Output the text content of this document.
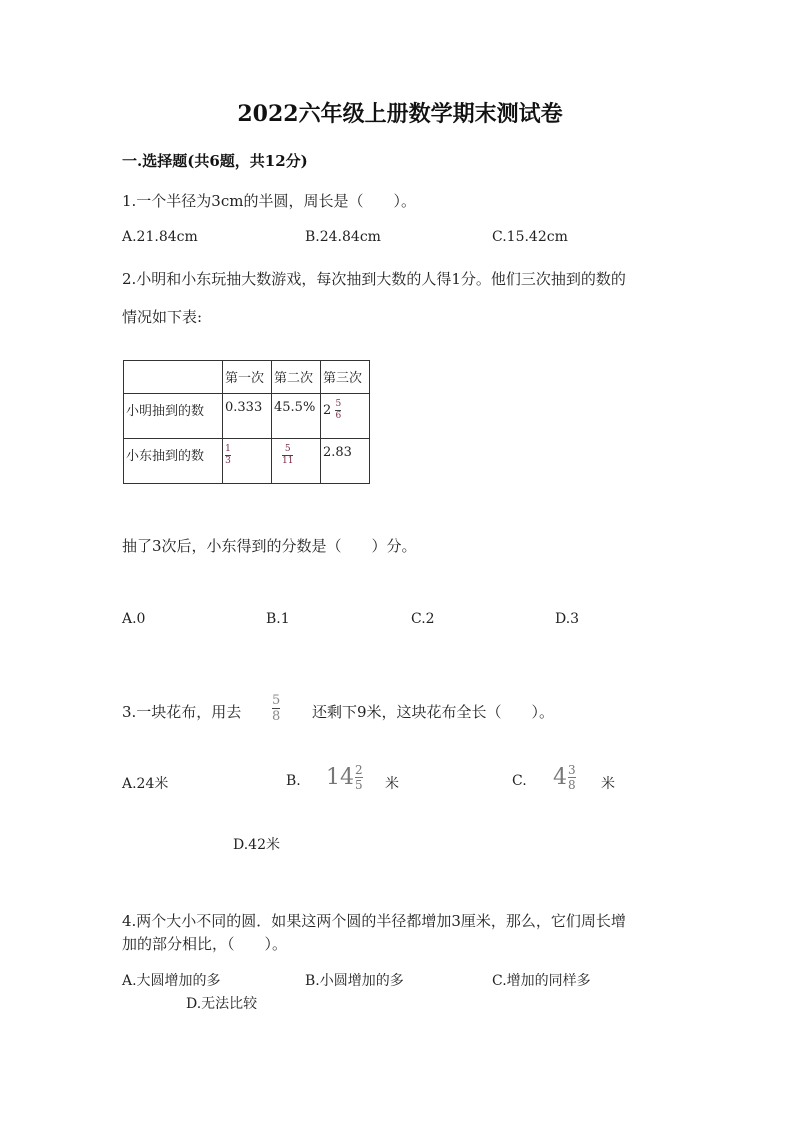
2022六年级上册数学期末测试卷
一.选择题(共6题，共12分)
1.一个半径为3cm的半圆，周长是（　　）。
A.21.84cm	B.24.84cm	C.15.42cm
2.小明和小东玩抽大数游戏，每次抽到大数的人得1分。他们三次抽到的数的
情况如下表:

	第一次	第二次	第三次

小明抽到的数	0.333	45.5%	$2 \frac{5}{6}$

小东抽到的数	$\frac{1}{3}$	$\frac{5}{11}$	2.83
抽了3次后，小东得到的分数是（　　）分。
A.0	B.1	C.2	D.3
3.一块花布，用去 $\frac{5}{8}$ 还剩下9米，这块花布全长（　　）。
A.24米	B. $14 \frac{2}{5}$ 米	C. $4 \frac{3}{8}$ 米
D.42米
4.两个大小不同的圆．如果这两个圆的半径都增加3厘米，那么，它们周长增
加的部分相比，（　　）。
A.大圆增加的多	B.小圆增加的多	C.增加的同样多
D.无法比较
